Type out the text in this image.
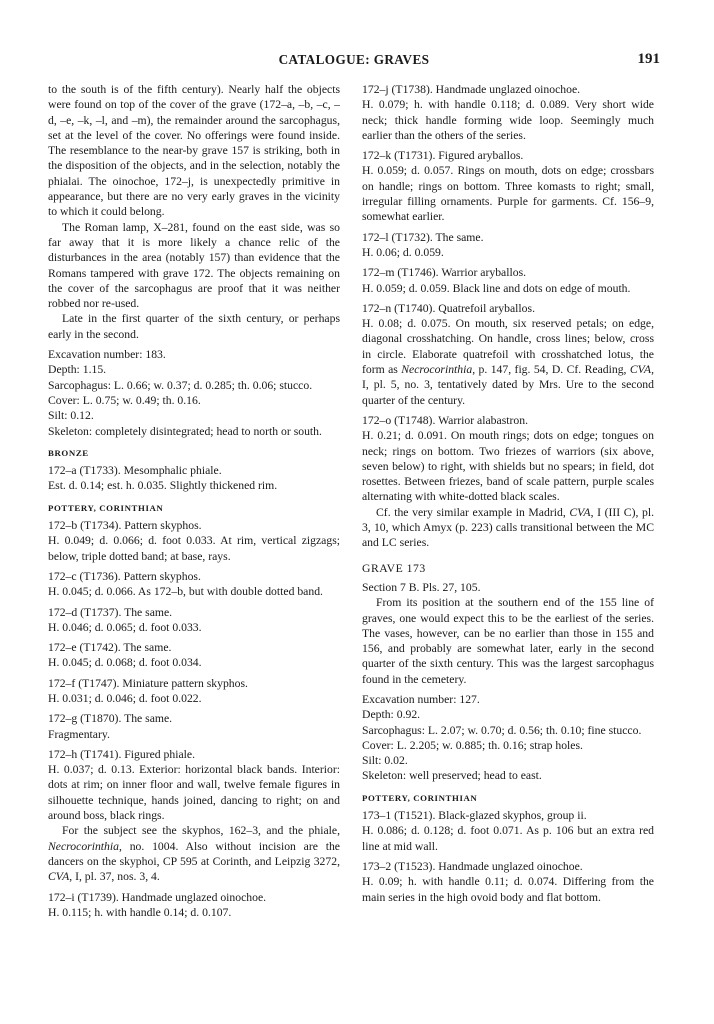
CATALOGUE: GRAVES	191

to the south is of the fifth century). Nearly half the objects were found on top of the cover of the grave (172–a, –b, –c, –d, –e, –k, –l, and –m), the remainder around the sarcophagus, set at the level of the cover. No offerings were found inside. The resemblance to the near-by grave 157 is striking, both in the disposition of the objects, and in the selection, notably the phialai. The oinochoe, 172–j, is unexpectedly primitive in appearance, but there are no very early graves in the vicinity to which it could belong.

The Roman lamp, X–281, found on the east side, was so far away that it is more likely a chance relic of the disturbances in the area (notably 157) than evidence that the Romans tampered with grave 172. The objects remaining on the cover of the sarcophagus are proof that it was neither robbed nor re-used.

Late in the first quarter of the sixth century, or perhaps early in the second.

Excavation number: 183.

Depth: 1.15.

Sarcophagus: L. 0.66; w. 0.37; d. 0.285; th. 0.06; stucco.

Cover: L. 0.75; w. 0.49; th. 0.16.

Silt: 0.12.

Skeleton: completely disintegrated; head to north or south.

BRONZE

172–a (T1733). Mesomphalic phiale.

Est. d. 0.14; est. h. 0.035. Slightly thickened rim.

POTTERY, CORINTHIAN

172–b (T1734). Pattern skyphos.

H. 0.049; d. 0.066; d. foot 0.033. At rim, vertical zigzags; below, triple dotted band; at base, rays.

172–c (T1736). Pattern skyphos.

H. 0.045; d. 0.066. As 172–b, but with double dotted band.

172–d (T1737). The same.

H. 0.046; d. 0.065; d. foot 0.033.

172–e (T1742). The same.

H. 0.045; d. 0.068; d. foot 0.034.

172–f (T1747). Miniature pattern skyphos.

H. 0.031; d. 0.046; d. foot 0.022.

172–g (T1870). The same.

Fragmentary.

172–h (T1741). Figured phiale.

H. 0.037; d. 0.13. Exterior: horizontal black bands. Interior: dots at rim; on inner floor and wall, twelve female figures in silhouette technique, hands joined, dancing to right; on and around boss, black rings.

For the subject see the skyphos, 162–3, and the phiale, Necrocorinthia, no. 1004. Also without incision are the dancers on the skyphoi, CP 595 at Corinth, and Leipzig 3272, CVA, I, pl. 37, nos. 3, 4.

172–i (T1739). Handmade unglazed oinochoe.

H. 0.115; h. with handle 0.14; d. 0.107.

172–j (T1738). Handmade unglazed oinochoe.

H. 0.079; h. with handle 0.118; d. 0.089. Very short wide neck; thick handle forming wide loop. Seemingly much earlier than the others of the series.

172–k (T1731). Figured aryballos.

H. 0.059; d. 0.057. Rings on mouth, dots on edge; crossbars on handle; rings on bottom. Three komasts to right; small, irregular filling ornaments. Purple for garments. Cf. 156–9, somewhat earlier.

172–l (T1732). The same.

H. 0.06; d. 0.059.

172–m (T1746). Warrior aryballos.

H. 0.059; d. 0.059. Black line and dots on edge of mouth.

172–n (T1740). Quatrefoil aryballos.

H. 0.08; d. 0.075. On mouth, six reserved petals; on edge, diagonal crosshatching. On handle, cross lines; below, cross in circle. Elaborate quatrefoil with crosshatched lotus, the form as Necrocorinthia, p. 147, fig. 54, D. Cf. Reading, CVA, I, pl. 5, no. 3, tentatively dated by Mrs. Ure to the second quarter of the century.

172–o (T1748). Warrior alabastron.

H. 0.21; d. 0.091. On mouth rings; dots on edge; tongues on neck; rings on bottom. Two friezes of warriors (six above, seven below) to right, with shields but no spears; in field, dot rosettes. Between friezes, band of scale pattern, purple scales alternating with white-dotted black scales.

Cf. the very similar example in Madrid, CVA, I (III C), pl. 3, 10, which Amyx (p. 223) calls transitional between the MC and LC series.

GRAVE 173

Section 7 B. Pls. 27, 105.

From its position at the southern end of the 155 line of graves, one would expect this to be the earliest of the series. The vases, however, can be no earlier than those in 155 and 156, and probably are somewhat later, early in the second quarter of the sixth century. This was the largest sarcophagus found in the cemetery.

Excavation number: 127.

Depth: 0.92.

Sarcophagus: L. 2.07; w. 0.70; d. 0.56; th. 0.10; fine stucco.

Cover: L. 2.205; w. 0.885; th. 0.16; strap holes.

Silt: 0.02.

Skeleton: well preserved; head to east.

POTTERY, CORINTHIAN

173–1 (T1521). Black-glazed skyphos, group ii.

H. 0.086; d. 0.128; d. foot 0.071. As p. 106 but an extra red line at mid wall.

173–2 (T1523). Handmade unglazed oinochoe.

H. 0.09; h. with handle 0.11; d. 0.074. Differing from the main series in the high ovoid body and flat bottom.
